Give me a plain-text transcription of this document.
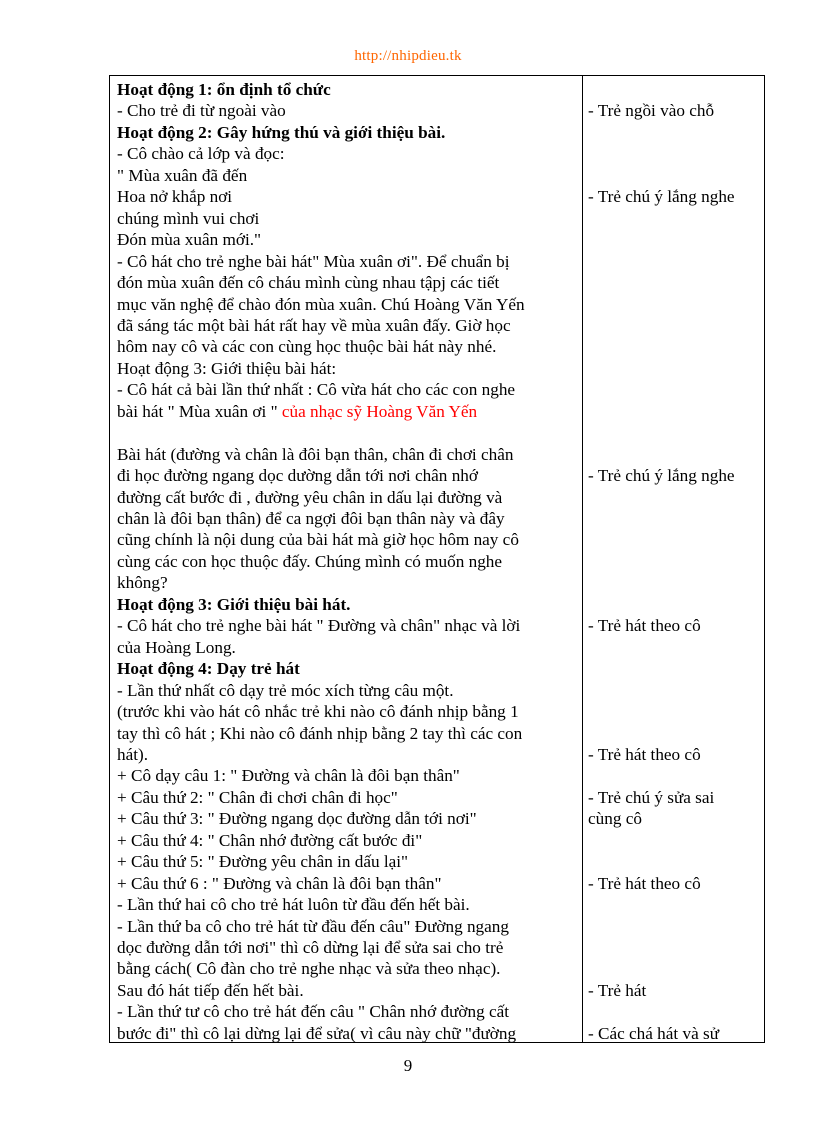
http://nhipdieu.tk
Hoạt động 1: ổn định tổ chức
- Cho trẻ đi từ ngoài vào
Hoạt động 2: Gây hứng thú và giới thiệu bài.
- Cô chào cả lớp và đọc:
" Mùa xuân đã đến
Hoa nở khắp nơi
chúng mình vui chơi
Đón mùa xuân mới."
- Cô hát cho trẻ nghe bài hát" Mùa xuân ơi". Để chuẩn bị
đón mùa xuân đến cô cháu mình cùng nhau tậpj các tiết
mục văn nghệ để chào đón mùa xuân. Chú Hoàng Văn Yến
đã sáng tác một bài hát rất hay về mùa xuân đấy. Giờ học
hôm nay cô và các con cùng học thuộc bài hát này nhé.
Hoạt động 3: Giới thiệu bài hát:
- Cô hát cả bài lần thứ nhất : Cô vừa hát cho các con nghe
bài hát " Mùa xuân ơi " của nhạc sỹ Hoàng Văn Yến
Bài hát (đường và chân là đôi bạn thân, chân đi chơi chân
đi học đường ngang dọc dường dẫn tới nơi chân nhớ
đường cất bước đi , đường yêu chân in dấu lại đường và
chân là đôi bạn thân) để ca ngợi đôi bạn thân này và đây
cũng chính là nội dung của bài hát mà giờ học hôm nay cô
cùng các con học thuộc đấy. Chúng mình có muốn nghe
không?
Hoạt động 3: Giới thiệu bài hát.
- Cô hát cho trẻ nghe bài hát " Đường và chân" nhạc và lời
của Hoàng Long.
Hoạt động 4: Dạy trẻ hát
- Lần thứ nhất cô dạy trẻ móc xích từng câu một.
(trước khi vào hát cô nhắc trẻ khi nào cô đánh nhịp bằng 1
tay thì cô hát ; Khi nào cô đánh nhịp bằng 2 tay thì các con
hát).
+ Cô dạy câu 1: " Đường và chân là đôi bạn thân"
+ Câu thứ 2: " Chân đi chơi chân đi học"
+ Câu thứ 3: " Đường ngang dọc đường dẫn tới nơi"
+ Câu thứ 4: " Chân nhớ đường cất bước đi"
+ Câu thứ 5: " Đường yêu chân in dấu lại"
+ Câu thứ 6 : " Đường và chân là đôi bạn thân"
- Lần thứ hai cô cho trẻ hát luôn từ đầu đến hết bài.
- Lần thứ ba cô cho trẻ hát từ đầu đến câu" Đường ngang
dọc đường dẫn tới nơi" thì cô dừng lại để sửa sai cho trẻ
bằng cách( Cô đàn cho trẻ nghe nhạc và sửa theo nhạc).
Sau đó hát tiếp đến hết bài.
- Lần thứ tư cô cho trẻ hát đến câu " Chân nhớ đường cất
bước đi" thì cô lại dừng lại để sửa( vì câu này chữ "đường
- Trẻ ngồi vào chỗ
- Trẻ chú ý lắng nghe
- Trẻ chú ý lắng nghe
- Trẻ hát theo cô
- Trẻ hát theo cô
- Trẻ chú ý sửa sai
cùng cô
- Trẻ hát theo cô
- Trẻ hát
- Các chá hát và sử
9
